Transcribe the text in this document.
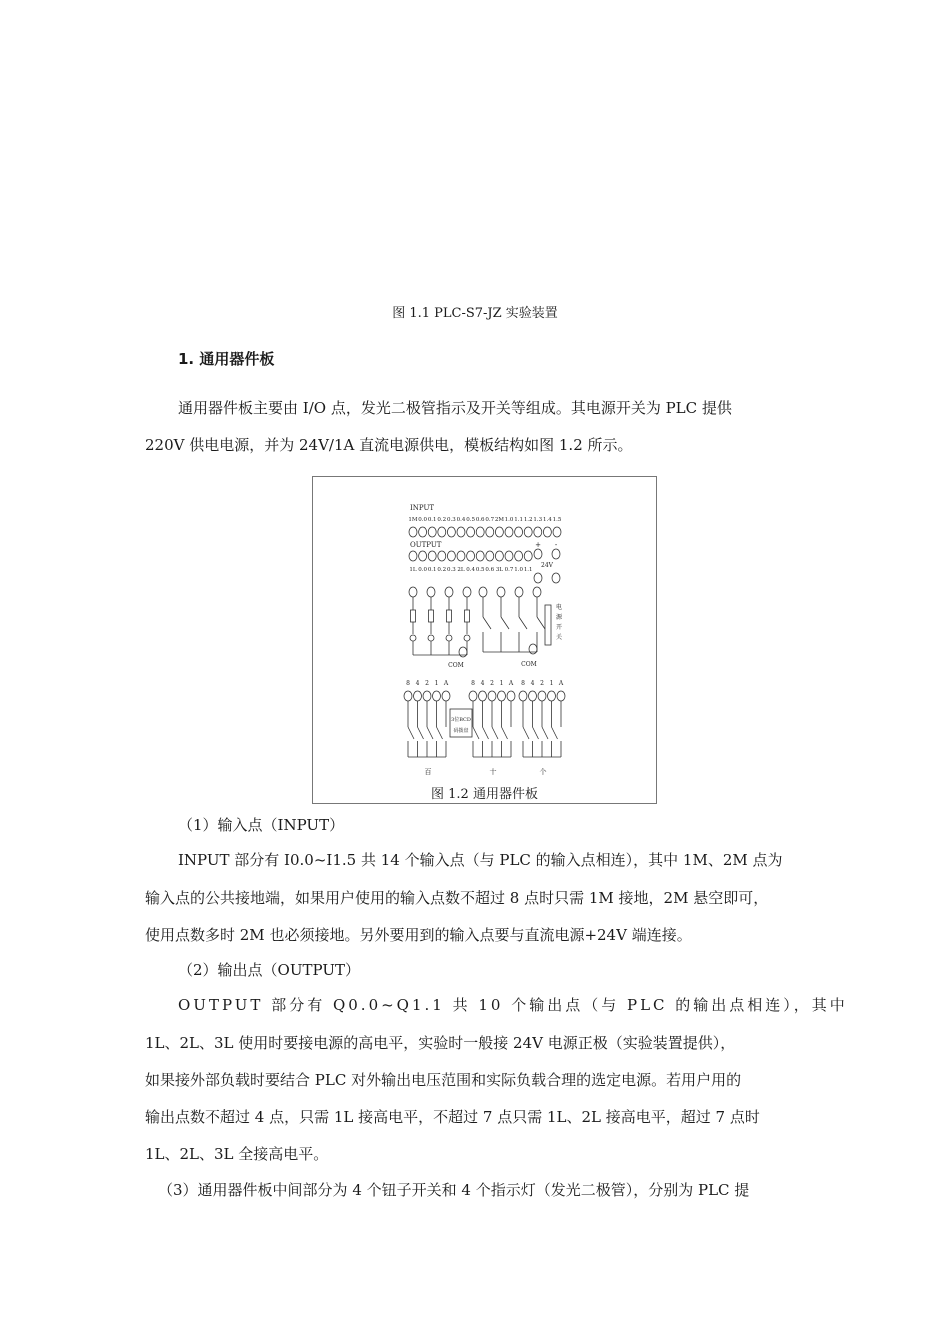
图 1.1 PLC-S7-JZ 实验装置
1. 通用器件板
通用器件板主要由 I/O 点，发光二极管指示及开关等组成。其电源开关为 PLC 提供
220V 供电电源，并为 24V/1A 直流电源供电，模板结构如图 1.2 所示。
INPUT
1M 0.0 0.1 0.2 0.3 0.4 0.5 0.6 0.7 2M 1.0 1.1 1.2 1.3 1.4 1.5
OUTPUT
1L 0.0 0.1 0.2 0.3 2L 0.4 0.5 0.6 3L 0.7 1.0 1.1
+ -
24V
COM	COM
电
源
开
关
8 4 2 1 A
百
8 4 2 1 A
十
8 4 2 1 A
个
3位BCD
码拨盘
图 1.2 通用器件板
（1）输入点（INPUT）
INPUT 部分有 I0.0~I1.5 共 14 个输入点（与 PLC 的输入点相连），其中 1M、2M 点为
输入点的公共接地端，如果用户使用的输入点数不超过 8 点时只需 1M 接地，2M 悬空即可，
使用点数多时 2M 也必须接地。另外要用到的输入点要与直流电源+24V 端连接。
（2）输出点（OUTPUT）
OUTPUT 部分有 Q0.0~Q1.1 共 10 个输出点（与 PLC 的输出点相连），其中
1L、2L、3L 使用时要接电源的高电平，实验时一般接 24V 电源正极（实验装置提供），
如果接外部负载时要结合 PLC 对外输出电压范围和实际负载合理的选定电源。若用户用的
输出点数不超过 4 点，只需 1L 接高电平，不超过 7 点只需 1L、2L 接高电平，超过 7 点时
1L、2L、3L 全接高电平。
（3）通用器件板中间部分为 4 个钮子开关和 4 个指示灯（发光二极管），分别为 PLC 提
